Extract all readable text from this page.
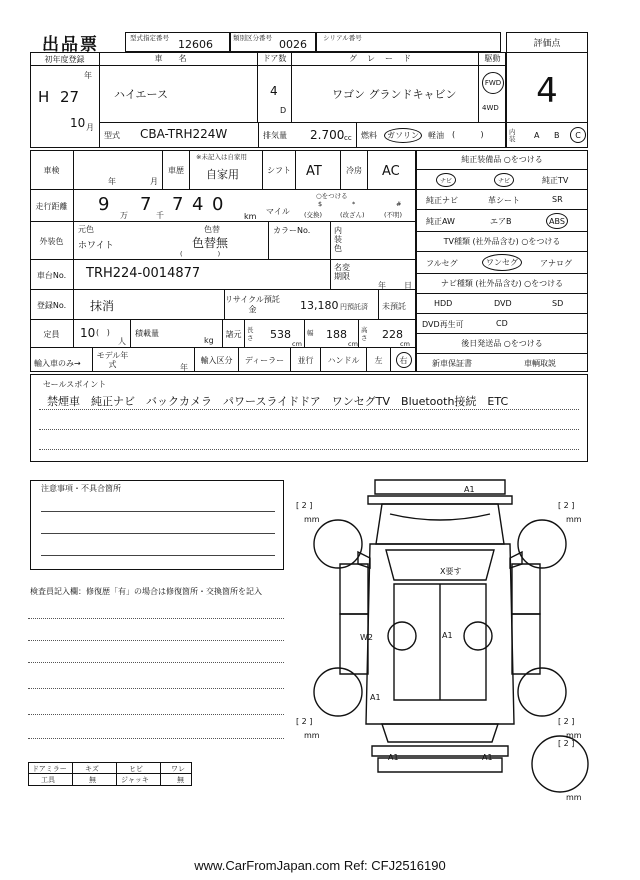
出品票	型式指定番号 12606	類別区分番号 0026 シリアル番号
評価点
4
初年度登録
年
H 27
10 月
車名
ハイエース
ドア数
4
D
グレード
ワゴン グランドキャビン
駆動
FWD
4WD
型式 CBA-TRH224W	排気量 2.700 cc	燃料	ガソリン	軽油 (          )	内装	A B	C
車検
年	月
車歴
※未記入は自家用
自家用	シフト	AT	冷房	AC
走行距離	9
万
7
千
7 4 0
km
○をつける
マイル
$
(交換)
*
(改ざん)
#
(不明)
外装色
元色
ホワイト
色替
色替無
(                 )
カラーNo.	内装色
車台No.	TRH224-0014877	名変期限
年 日
登録No.	抹消	リサイクル預託金	13,180 円預託済	未預託
定員	10 (   )
人
積載量
kg
諸元 長さ 538
cm
幅 188
cm
高さ 228
cm
輸入車のみ→
モデル年式	年
輸入区分	ディーラー	並行	ハンドル	左	右
純正装備品 ○をつける
ナビ	ナビ	純正TV
純正ナビ	革シート	SR
純正AW	エアB	ABS
TV種類 (社外品含む) ○をつける
フルセグ	ワンセグ	アナログ
ナビ種類 (社外品含む) ○をつける
HDD	DVD	SD
DVD再生可	CD
後日発送品 ○をつける
新車保証書	車輌取説
セールスポイント
禁煙車　純正ナビ　バックカメラ　パワースライドドア　ワンセグTV　Bluetooth接続　ETC
注意事項・不具合箇所
検査員記入欄：修復歴「有」の場合は修復箇所・交換箇所を記入
ドアミラー	キズ	ヒビ	ワレ
工具	無	ジャッキ	無
A1
X要す
W2	A1
A1
A1	A1
[ 2 ]
mm
[ 2 ]
mm
[ 2 ]
mm
[ 2 ]
mm
[ 2 ]
mm
www.CarFromJapan.com Ref: CFJ2516190
